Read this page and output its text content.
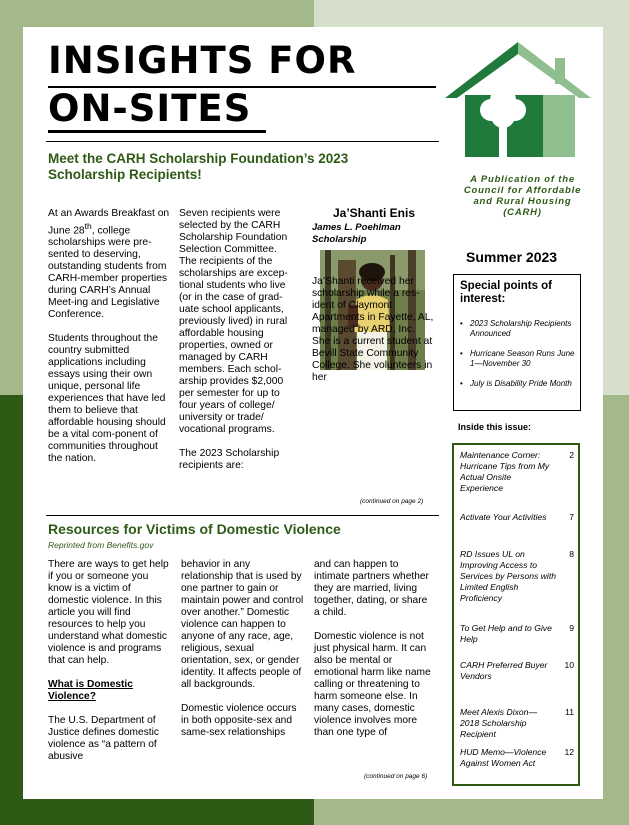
INSIGHTS FOR
ON-SITES
Meet the CARH Scholarship Foundation’s 2023 Scholarship Recipients!

At an Awards Breakfast on June 28th, college scholarships were pre-sented to deserving, outstanding students from CARH-member properties during CARH’s Annual Meet-ing and Legislative Conference.

Students throughout the country submitted applications including essays using their own unique, personal life experiences that have led them to believe that affordable housing should be a vital com-ponent of communities throughout the nation.

Seven recipients were selected by the CARH Scholarship Foundation Selection Committee. The recipients of the scholarships are excep-tional students who live (or in the case of grad-uate school applicants, previously lived) in rural affordable housing properties, owned or managed by CARH members. Each schol-arship provides $2,000 per semester for up to four years of college/ university or trade/ vocational programs.

The 2023 Scholarship recipients are:

Ja’Shanti Enis
James L. Poehlman Scholarship

Ja’Shanti received her scholarship while a res-ident of Claymont Apartments in Fayette, AL, managed by ARD, Inc. She is a current student at Bevill State Community College. She volunteers in her

(continued on page 2)
Resources for Victims of Domestic Violence
Reprinted from Benefits.gov

There are ways to get help if you or someone you know is a victim of domestic violence. In this article you will find resources to help you understand what domestic violence is and programs that can help.

What is Domestic Violence?

The U.S. Department of Justice defines domestic violence as “a pattern of abusive

behavior in any relationship that is used by one partner to gain or maintain power and control over another.” Domestic violence can happen to anyone of any race, age, religious, sexual orientation, sex, or gender identity. It affects people of all backgrounds.

Domestic violence occurs in both opposite-sex and same-sex relationships

and can happen to intimate partners whether they are married, living together, dating, or share a child.

Domestic violence is not just physical harm. It can also be mental or emotional harm like name calling or threatening to harm someone else. In many cases, domestic violence involves more than one type of

(continued on page 6)
A Publication of the Council for Affordable and Rural Housing (CARH)
Summer 2023
Special points of interest:
• 2023 Scholarship Recipients Announced
• Hurricane Season Runs June 1—November 30
• July is Disability Pride Month
Inside this issue:
Maintenance Corner: Hurricane Tips from My Actual Onsite Experience
2
Activate Your Activities	7
RD Issues UL on Improving Access to Services by Persons with Limited English Proficiency
8
To Get Help and to Give Help
9
CARH Preferred Buyer Vendors
10
Meet Alexis Dixon—2018 Scholarship Recipient
11
HUD Memo—Violence Against Women Act
12
